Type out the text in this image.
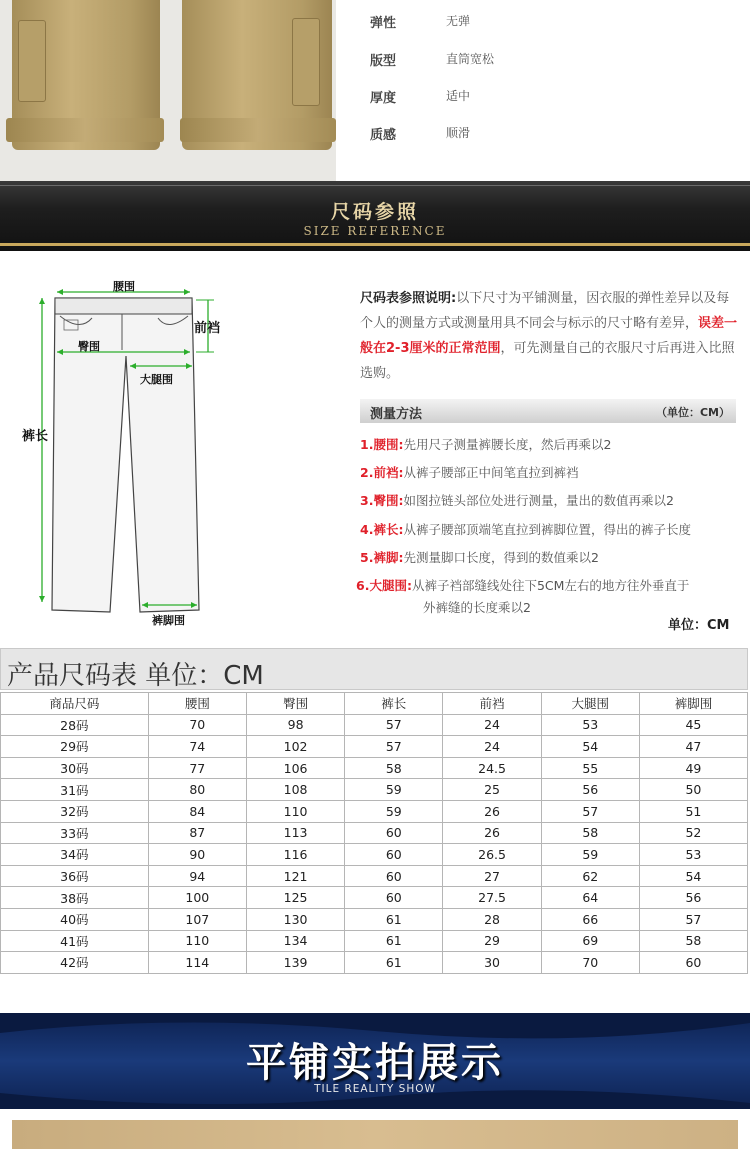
弹性	无弹
版型	直筒宽松
厚度	适中
质感	顺滑
尺码参照
SIZE REFERENCE
腰围
前裆
臀围
大腿围
裤长
裤脚围
尺码表参照说明:以下尺寸为平铺测量，因衣服的弹性差异以及每个人的测量方式或测量用具不同会与标示的尺寸略有差异，误差一般在2-3厘米的正常范围，可先测量自己的衣服尺寸后再进入比照选购。
测量方法	（单位：CM）
1.腰围:先用尺子测量裤腰长度，然后再乘以2
2.前裆:从裤子腰部正中间笔直拉到裤裆
3.臀围:如图拉链头部位处进行测量，量出的数值再乘以2
4.裤长:从裤子腰部顶端笔直拉到裤脚位置，得出的裤子长度
5.裤脚:先测量脚口长度，得到的数值乘以2
6.大腿围:从裤子裆部缝线处往下5CM左右的地方往外垂直于
外裤缝的长度乘以2
单位：CM
产品尺码表 单位：CM
商品尺码	腰围	臀围	裤长	前裆	大腿围	裤脚围
28码	70	98	57	24	53	45
29码	74	102	57	24	54	47
30码	77	106	58	24.5	55	49
31码	80	108	59	25	56	50
32码	84	110	59	26	57	51
33码	87	113	60	26	58	52
34码	90	116	60	26.5	59	53
36码	94	121	60	27	62	54
38码	100	125	60	27.5	64	56
40码	107	130	61	28	66	57
41码	110	134	61	29	69	58
42码	114	139	61	30	70	60
平铺实拍展示
TILE REALITY SHOW
